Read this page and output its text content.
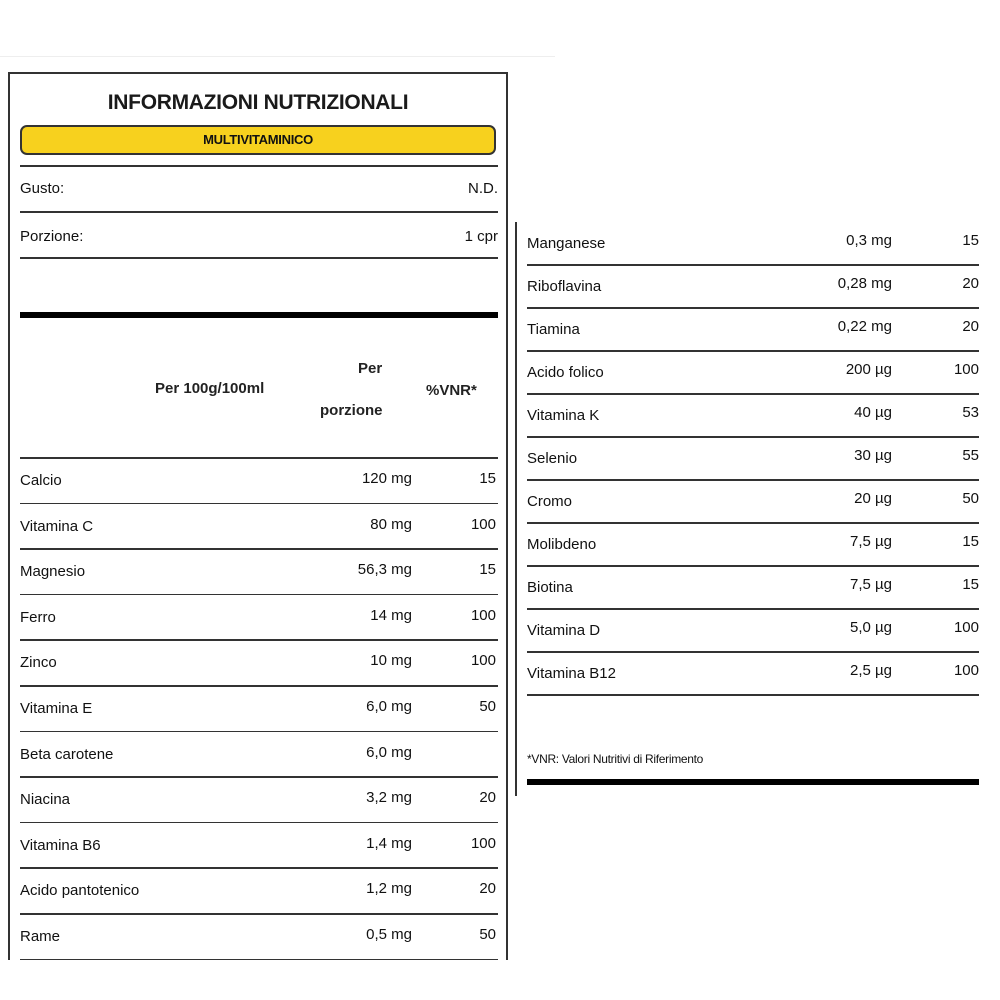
INFORMAZIONI NUTRIZIONALI
MULTIVITAMINICO
Gusto:	N.D.
Porzione:	1 cpr
Per 100g/100ml
Per
porzione
%VNR*
Calcio	120 mg	15
Vitamina C	80 mg	100
Magnesio	56,3 mg	15
Ferro	14 mg	100
Zinco	10 mg	100
Vitamina E	6,0 mg	50
Beta carotene	6,0 mg
Niacina	3,2 mg	20
Vitamina B6	1,4 mg	100
Acido pantotenico	1,2 mg	20
Rame	0,5 mg	50
Manganese	0,3 mg	15
Riboflavina	0,28 mg	20
Tiamina	0,22 mg	20
Acido folico	200 µg	100
Vitamina K	40 µg	53
Selenio	30 µg	55
Cromo	20 µg	50
Molibdeno	7,5 µg	15
Biotina	7,5 µg	15
Vitamina D	5,0 µg	100
Vitamina B12	2,5 µg	100
*VNR: Valori Nutritivi di Riferimento
